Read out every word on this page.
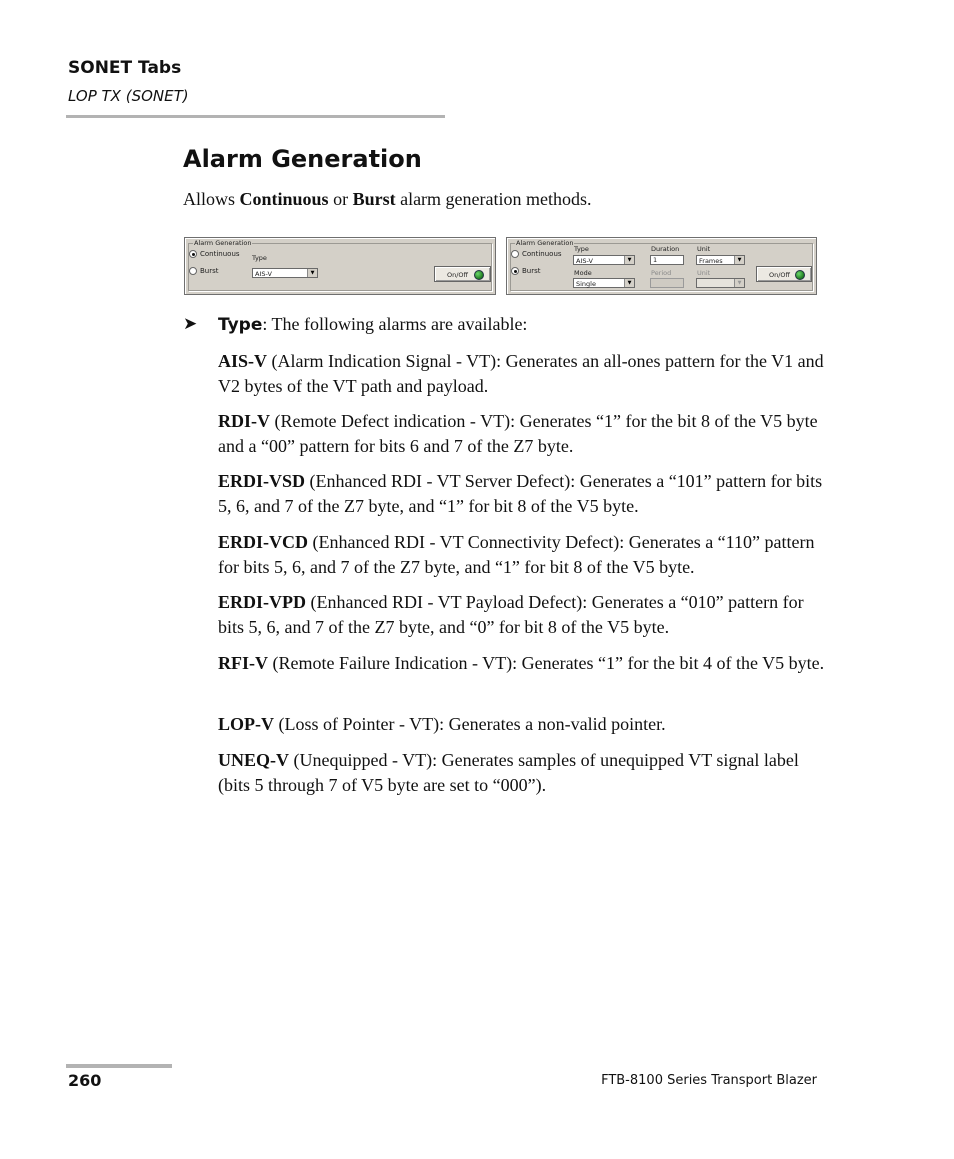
SONET Tabs
LOP TX (SONET)
Alarm Generation
Allows Continuous or Burst alarm generation methods.
Alarm Generation
Continuous
Burst
Type
AIS-V	▼	On/Off
Alarm Generation
Continuous
Burst
Type
AIS-V	▼
Mode
Single	▼
Duration
1
Period
Unit
Frames	▼
Unit
▼
On/Off
➤ Type: The following alarms are available:
AIS-V (Alarm Indication Signal - VT): Generates an all-ones pattern for the V1 and V2 bytes of the VT path and payload.
RDI-V (Remote Defect indication - VT): Generates “1” for the bit 8 of the V5 byte and a “00” pattern for bits 6 and 7 of the Z7 byte.
ERDI-VSD (Enhanced RDI - VT Server Defect): Generates a “101” pattern for bits 5, 6, and 7 of the Z7 byte, and “1” for bit 8 of the V5 byte.
ERDI-VCD (Enhanced RDI - VT Connectivity Defect): Generates a “110” pattern for bits 5, 6, and 7 of the Z7 byte, and “1” for bit 8 of the V5 byte.
ERDI-VPD (Enhanced RDI - VT Payload Defect): Generates a “010” pattern for bits 5, 6, and 7 of the Z7 byte, and “0” for bit 8 of the V5 byte.
RFI-V (Remote Failure Indication - VT): Generates “1” for the bit 4 of the V5 byte.
LOP-V (Loss of Pointer - VT): Generates a non-valid pointer.
UNEQ-V (Unequipped - VT): Generates samples of unequipped VT signal label (bits 5 through 7 of V5 byte are set to “000”).
260	FTB-8100 Series Transport Blazer
